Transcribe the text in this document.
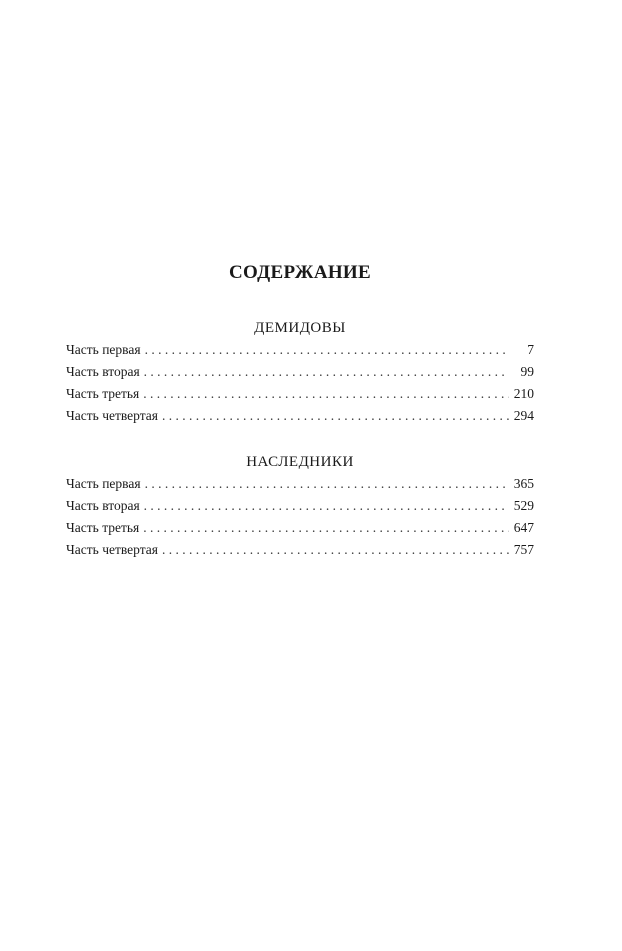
СОДЕРЖАНИЕ
ДЕМИДОВЫ
Часть первая . . .	7
Часть вторая . . .	99
Часть третья . . .	210
Часть четвертая . . .	294
НАСЛЕДНИКИ
Часть первая . . .	365
Часть вторая . . .	529
Часть третья . . .	647
Часть четвертая . . .	757
